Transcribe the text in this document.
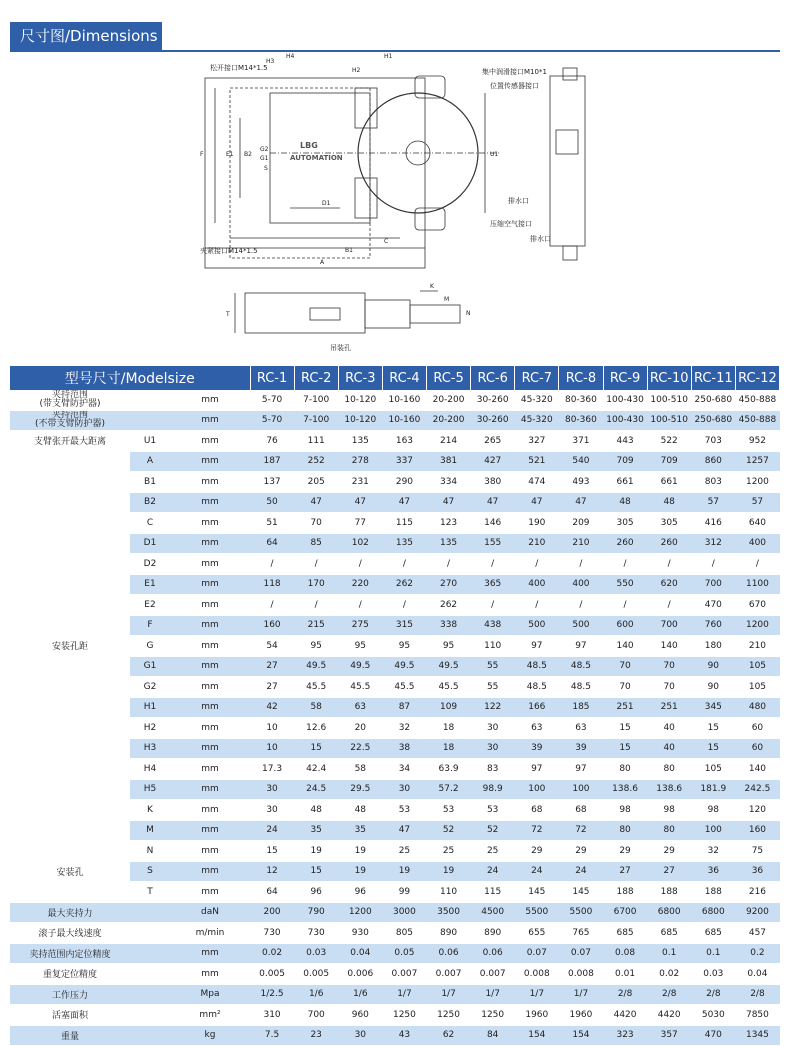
尺寸图/Dimensions
H4
H3
H2
H1
G2
G1
S
E1 B2	U1
F
D1
C
B1
A
K
M
N
T
松开接口M14*1.5
夹紧接口M14*1.5
集中润滑接口M10*1
位置传感器接口
排水口
压缩空气接口
排水口
吊装孔
LBG
AUTOMATION
型号尺寸/Modelsize			RC-1	RC-2	RC-3	RC-4	RC-5	RC-6	RC-7	RC-8	RC-9	RC-10	RC-11	RC-12
夹持范围
(带支臂防护器)		mm	5-70	7-100	10-120	10-160	20-200	30-260	45-320	80-360	100-430	100-510	250-680	450-888
夹持范围
(不带支臂防护器)		mm	5-70	7-100	10-120	10-160	20-200	30-260	45-320	80-360	100-430	100-510	250-680	450-888
支臂张开最大距离	U1	mm	76	111	135	163	214	265	327	371	443	522	703	952
安装孔距	A	mm	187	252	278	337	381	427	521	540	709	709	860	1257
	B1	mm	137	205	231	290	334	380	474	493	661	661	803	1200
	B2	mm	50	47	47	47	47	47	47	47	48	48	57	57
	C	mm	51	70	77	115	123	146	190	209	305	305	416	640
	D1	mm	64	85	102	135	135	155	210	210	260	260	312	400
	D2	mm	/	/	/	/	/	/	/	/	/	/	/	/
	E1	mm	118	170	220	262	270	365	400	400	550	620	700	1100
	E2	mm	/	/	/	/	262	/	/	/	/	/	470	670
	F	mm	160	215	275	315	338	438	500	500	600	700	760	1200
	G	mm	54	95	95	95	95	110	97	97	140	140	180	210
	G1	mm	27	49.5	49.5	49.5	49.5	55	48.5	48.5	70	70	90	105
	G2	mm	27	45.5	45.5	45.5	45.5	55	48.5	48.5	70	70	90	105
	H1	mm	42	58	63	87	109	122	166	185	251	251	345	480
	H2	mm	10	12.6	20	32	18	30	63	63	15	40	15	60
	H3	mm	10	15	22.5	38	18	30	39	39	15	40	15	60
	H4	mm	17.3	42.4	58	34	63.9	83	97	97	80	80	105	140
	H5	mm	30	24.5	29.5	30	57.2	98.9	100	100	138.6	138.6	181.9	242.5
	K	mm	30	48	48	53	53	53	68	68	98	98	98	120
	M	mm	24	35	35	47	52	52	72	72	80	80	100	160
安装孔	N	mm	15	19	19	25	25	25	29	29	29	29	32	75
	S	mm	12	15	19	19	19	24	24	24	27	27	36	36
	T	mm	64	96	96	99	110	115	145	145	188	188	188	216
最大夹持力		daN	200	790	1200	3000	3500	4500	5500	5500	6700	6800	6800	9200
滚子最大线速度		m/min	730	730	930	805	890	890	655	765	685	685	685	457
夹持范围内定位精度		mm	0.02	0.03	0.04	0.05	0.06	0.06	0.07	0.07	0.08	0.1	0.1	0.2
重复定位精度		mm	0.005	0.005	0.006	0.007	0.007	0.007	0.008	0.008	0.01	0.02	0.03	0.04
工作压力		Mpa	1/2.5	1/6	1/6	1/7	1/7	1/7	1/7	1/7	2/8	2/8	2/8	2/8
活塞面积		mm²	310	700	960	1250	1250	1250	1960	1960	4420	4420	5030	7850
重量		kg	7.5	23	30	43	62	84	154	154	323	357	470	1345
